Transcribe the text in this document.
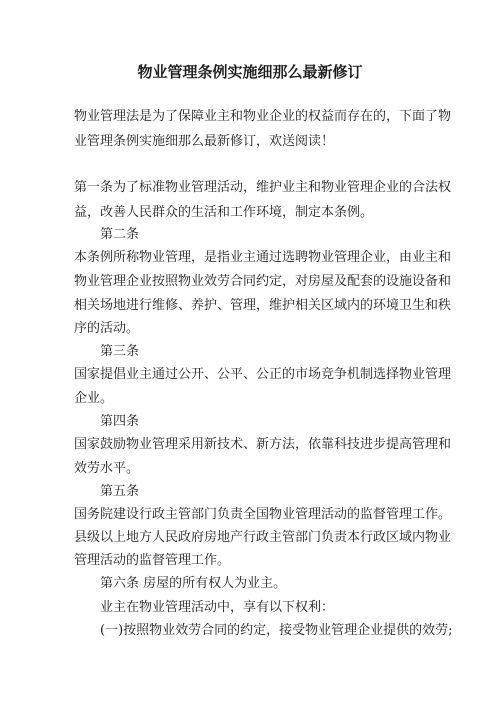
物业管理条例实施细那么最新修订
物业管理法是为了保障业主和物业企业的权益而存在的，下面了物
业管理条例实施细那么最新修订，欢送阅读！
第一条为了标准物业管理活动，维护业主和物业管理企业的合法权
益，改善人民群众的生活和工作环境，制定本条例。
第二条
本条例所称物业管理，是指业主通过选聘物业管理企业，由业主和
物业管理企业按照物业效劳合同约定，对房屋及配套的设施设备和
相关场地进行维修、养护、管理，维护相关区域内的环境卫生和秩
序的活动。
第三条
国家提倡业主通过公开、公平、公正的市场竞争机制选择物业管理
企业。
第四条
国家鼓励物业管理采用新技术、新方法，依靠科技进步提高管理和
效劳水平。
第五条
国务院建设行政主管部门负责全国物业管理活动的监督管理工作。
县级以上地方人民政府房地产行政主管部门负责本行政区域内物业
管理活动的监督管理工作。
第六条 房屋的所有权人为业主。
业主在物业管理活动中，享有以下权利：
(一)按照物业效劳合同的约定，接受物业管理企业提供的效劳;
